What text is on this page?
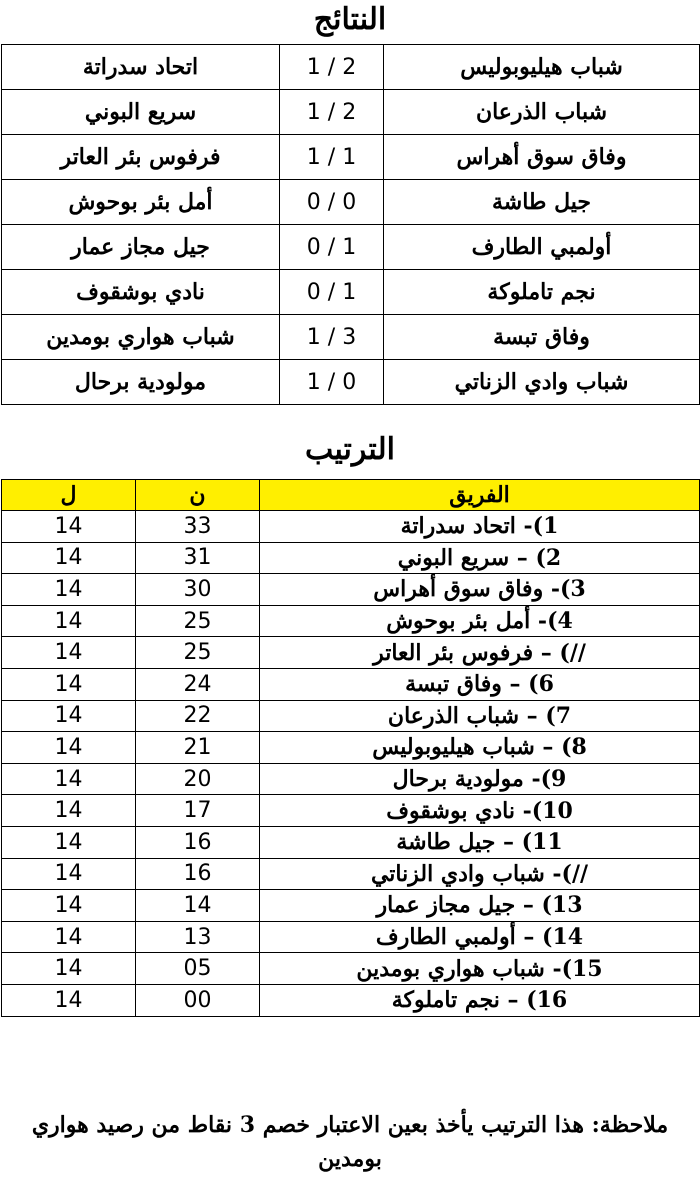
النتائج
اتحاد سدراتة	1 / 2	شباب هيليوبوليس
سريع البوني	1 / 2	شباب الذرعان
فرفوس بئر العاتر	1 / 1	وفاق سوق أهراس
أمل بئر بوحوش	0 / 0	جيل طاشة
جيل مجاز عمار	0 / 1	أولمبي الطارف
نادي بوشقوف	0 / 1	نجم تاملوكة
شباب هواري بومدين	1 / 3	وفاق تبسة
مولودية برحال	1 / 0	شباب وادي الزناتي
الترتيب
ل	ن	الفريق
14	33	1)- اتحاد سدراتة
14	31	2) – سريع البوني
14	30	3)- وفاق سوق أهراس
14	25	4)- أمل بئر بوحوش
14	25	//) – فرفوس بئر العاتر
14	24	6) – وفاق تبسة
14	22	7) – شباب الذرعان
14	21	8) – شباب هيليوبوليس
14	20	9)- مولودية برحال
14	17	10)- نادي بوشقوف
14	16	11) – جيل طاشة
14	16	//)- شباب وادي الزناتي
14	14	13) – جيل مجاز عمار
14	13	14) – أولمبي الطارف
14	05	15)- شباب هواري بومدين
14	00	16) – نجم تاملوكة
ملاحظة: هذا الترتيب يأخذ بعين الاعتبار خصم 3 نقاط من رصيد هواري بومدين
